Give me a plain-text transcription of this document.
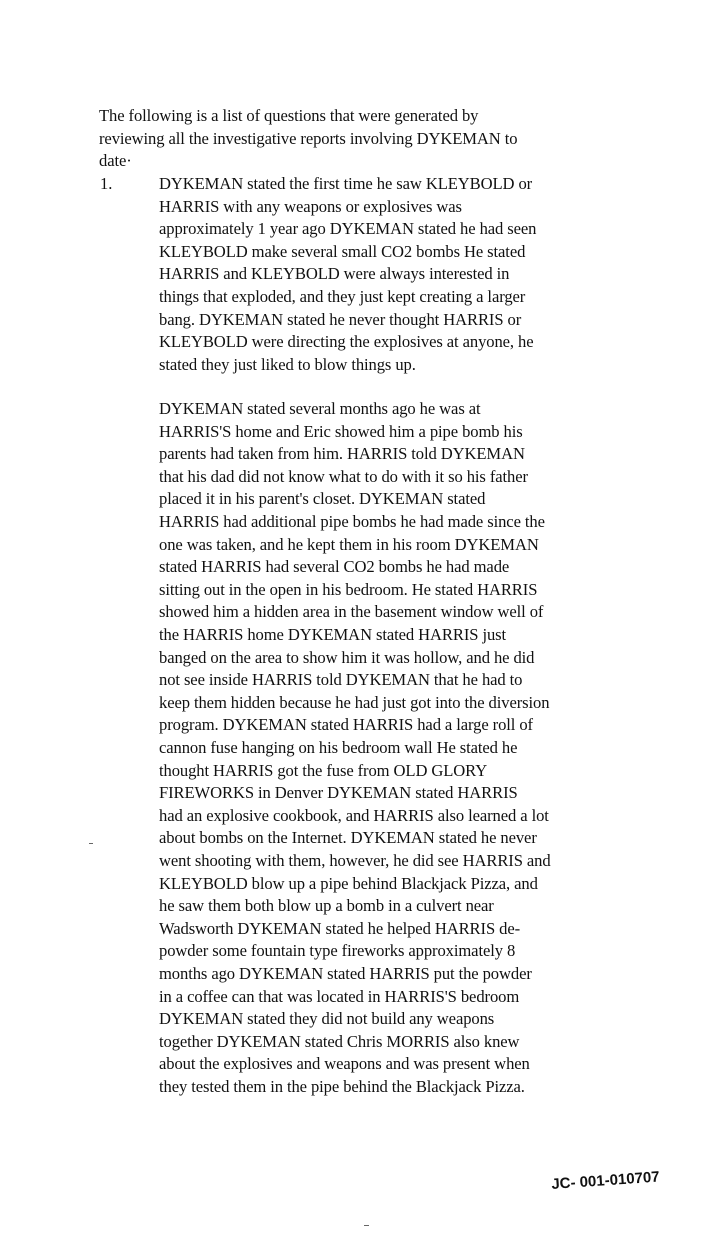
The following is a list of questions that were generated by
reviewing all the investigative reports involving DYKEMAN to
date·
1.	DYKEMAN stated the first time he saw KLEYBOLD or
HARRIS with any weapons or explosives was
approximately 1 year ago DYKEMAN stated he had seen
KLEYBOLD make several small CO2 bombs He stated
HARRIS and KLEYBOLD were always interested in
things that exploded, and they just kept creating a larger
bang. DYKEMAN stated he never thought HARRIS or
KLEYBOLD were directing the explosives at anyone, he
stated they just liked to blow things up.
DYKEMAN stated several months ago he was at
HARRIS'S home and Eric showed him a pipe bomb his
parents had taken from him. HARRIS told DYKEMAN
that his dad did not know what to do with it so his father
placed it in his parent's closet. DYKEMAN stated
HARRIS had additional pipe bombs he had made since the
one was taken, and he kept them in his room DYKEMAN
stated HARRIS had several CO2 bombs he had made
sitting out in the open in his bedroom. He stated HARRIS
showed him a hidden area in the basement window well of
the HARRIS home DYKEMAN stated HARRIS just
banged on the area to show him it was hollow, and he did
not see inside HARRIS told DYKEMAN that he had to
keep them hidden because he had just got into the diversion
program. DYKEMAN stated HARRIS had a large roll of
cannon fuse hanging on his bedroom wall He stated he
thought HARRIS got the fuse from OLD GLORY
FIREWORKS in Denver DYKEMAN stated HARRIS
had an explosive cookbook, and HARRIS also learned a lot
about bombs on the Internet. DYKEMAN stated he never
went shooting with them, however, he did see HARRIS and
KLEYBOLD blow up a pipe behind Blackjack Pizza, and
he saw them both blow up a bomb in a culvert near
Wadsworth DYKEMAN stated he helped HARRIS de-
powder some fountain type fireworks approximately 8
months ago DYKEMAN stated HARRIS put the powder
in a coffee can that was located in HARRIS'S bedroom
DYKEMAN stated they did not build any weapons
together DYKEMAN stated Chris MORRIS also knew
about the explosives and weapons and was present when
they tested them in the pipe behind the Blackjack Pizza.
JC- 001-010707
